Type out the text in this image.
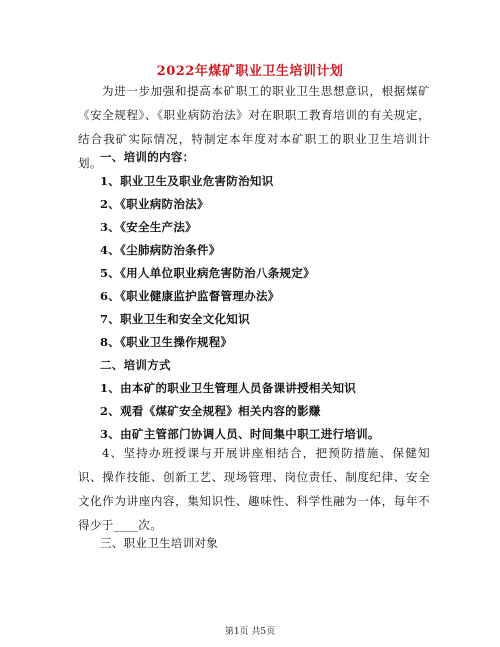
2022年煤矿职业卫生培训计划
为进一步加强和提高本矿职工的职业卫生思想意识，根据煤矿《安全规程》、《职业病防治法》对在职职工教育培训的有关规定，结合我矿实际情况，特制定本年度对本矿职工的职业卫生培训计划。
一、培训的内容：
1、职业卫生及职业危害防治知识
2、《职业病防治法》
3、《安全生产法》
4、《尘肺病防治条件》
5、《用人单位职业病危害防治八条规定》
6、《职业健康监护监督管理办法》
7、职业卫生和安全文化知识
8、《职业卫生操作规程》
二、培训方式
1、由本矿的职业卫生管理人员备课讲授相关知识
2、观看《煤矿安全规程》相关内容的影赚
3、由矿主管部门协调人员、时间集中职工进行培训。
4、坚持办班授课与开展讲座相结合，把预防措施、保健知识、操作技能、创新工艺、现场管理、岗位责任、制度纪律、安全文化作为讲座内容，集知识性、趣味性、科学性融为一体，每年不得少于____次。
三、职业卫生培训对象
第1页 共5页
